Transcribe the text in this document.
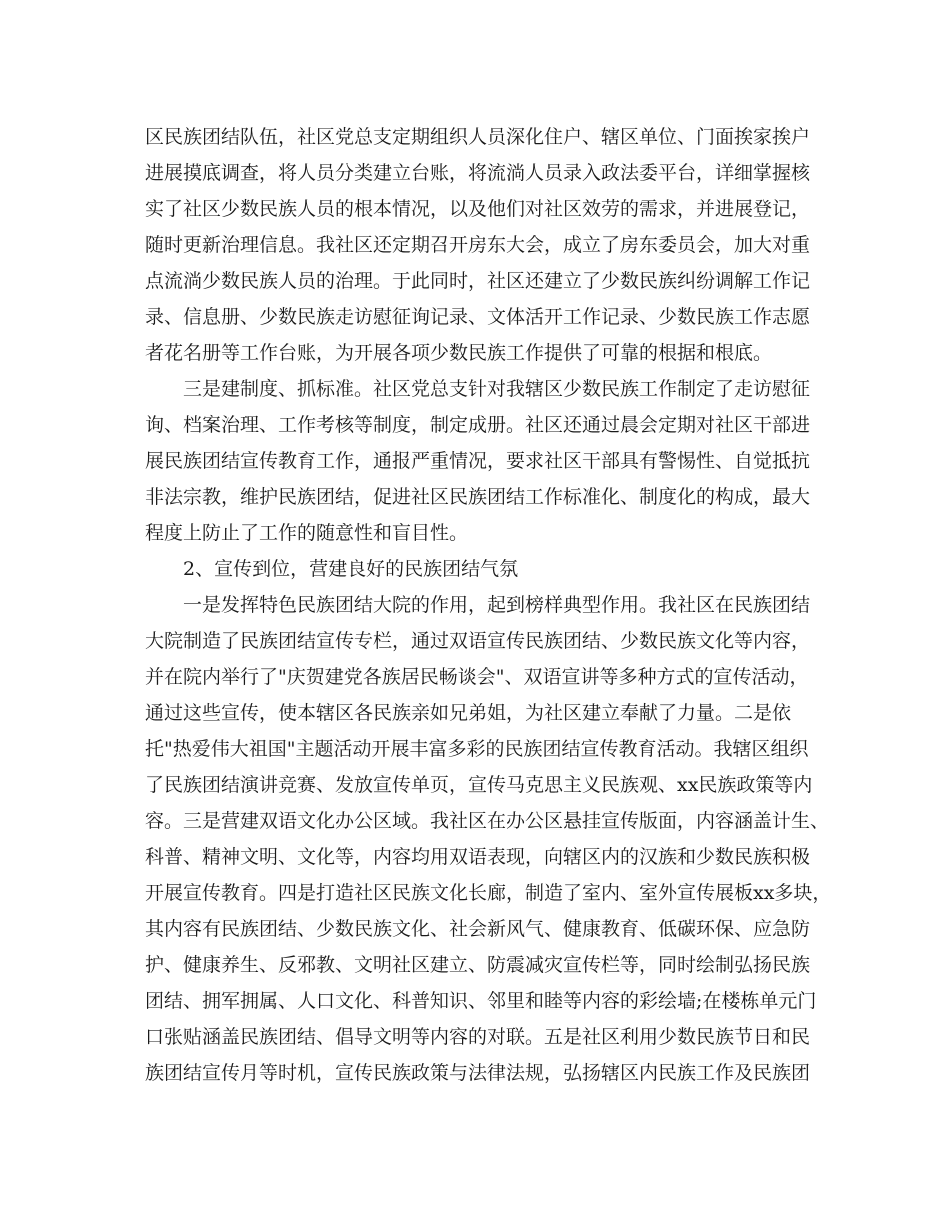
区民族团结队伍，社区党总支定期组织人员深化住户、辖区单位、门面挨家挨户
进展摸底调查，将人员分类建立台账，将流淌人员录入政法委平台，详细掌握核
实了社区少数民族人员的根本情况，以及他们对社区效劳的需求，并进展登记，
随时更新治理信息。我社区还定期召开房东大会，成立了房东委员会，加大对重
点流淌少数民族人员的治理。于此同时，社区还建立了少数民族纠纷调解工作记
录、信息册、少数民族走访慰征询记录、文体活开工作记录、少数民族工作志愿
者花名册等工作台账，为开展各项少数民族工作提供了可靠的根据和根底。
三是建制度、抓标准。社区党总支针对我辖区少数民族工作制定了走访慰征
询、档案治理、工作考核等制度，制定成册。社区还通过晨会定期对社区干部进
展民族团结宣传教育工作，通报严重情况，要求社区干部具有警惕性、自觉抵抗
非法宗教，维护民族团结，促进社区民族团结工作标准化、制度化的构成，最大
程度上防止了工作的随意性和盲目性。
2、宣传到位，营建良好的民族团结气氛
一是发挥特色民族团结大院的作用，起到榜样典型作用。我社区在民族团结
大院制造了民族团结宣传专栏，通过双语宣传民族团结、少数民族文化等内容，
并在院内举行了"庆贺建党各族居民畅谈会"、双语宣讲等多种方式的宣传活动，
通过这些宣传，使本辖区各民族亲如兄弟姐，为社区建立奉献了力量。二是依
托"热爱伟大祖国"主题活动开展丰富多彩的民族团结宣传教育活动。我辖区组织
了民族团结演讲竞赛、发放宣传单页，宣传马克思主义民族观、xx民族政策等内
容。三是营建双语文化办公区域。我社区在办公区悬挂宣传版面，内容涵盖计生、
科普、精神文明、文化等，内容均用双语表现，向辖区内的汉族和少数民族积极
开展宣传教育。四是打造社区民族文化长廊，制造了室内、室外宣传展板xx多块，
其内容有民族团结、少数民族文化、社会新风气、健康教育、低碳环保、应急防
护、健康养生、反邪教、文明社区建立、防震减灾宣传栏等，同时绘制弘扬民族
团结、拥军拥属、人口文化、科普知识、邻里和睦等内容的彩绘墙;在楼栋单元门
口张贴涵盖民族团结、倡导文明等内容的对联。五是社区利用少数民族节日和民
族团结宣传月等时机，宣传民族政策与法律法规，弘扬辖区内民族工作及民族团
